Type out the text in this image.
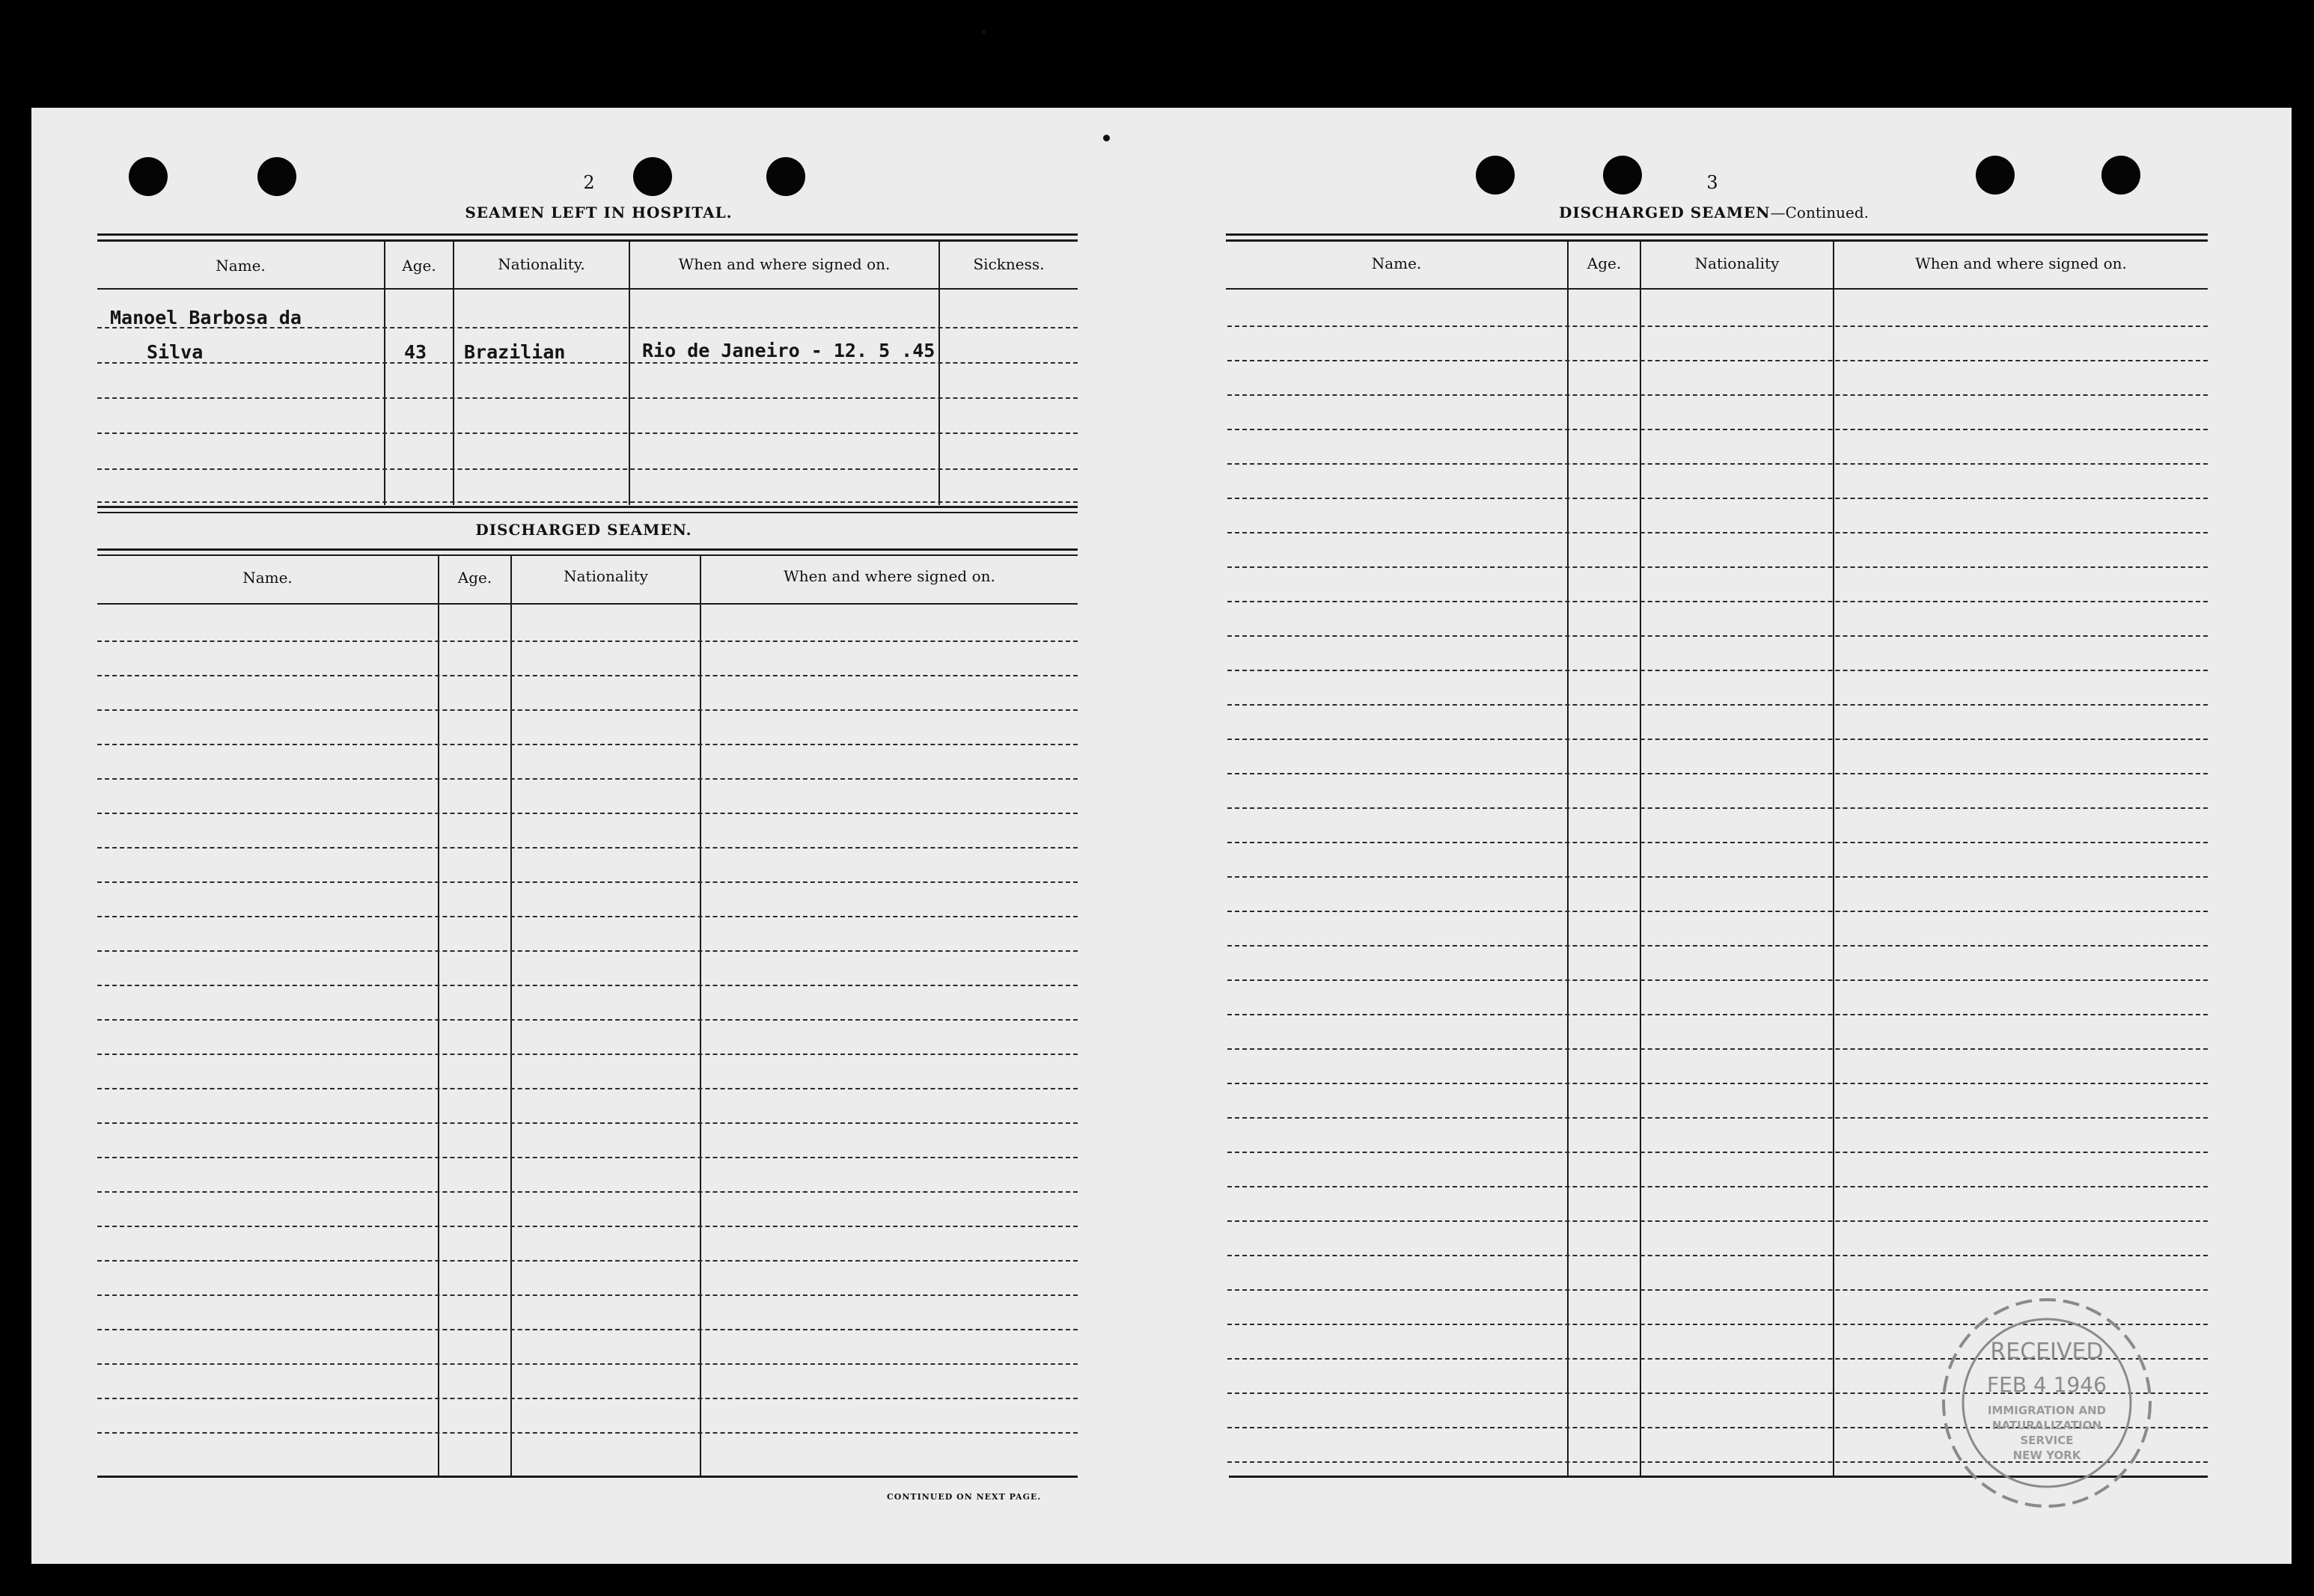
2
SEAMEN LEFT IN HOSPITAL.
Name.	Age.	Nationality.	When and where signed on.	Sickness.
Manoel Barbosa da
Silva	43 Brazilian	Rio de Janeiro - 12. 5 .45
DISCHARGED SEAMEN.
Name.	Age.	Nationality	When and where signed on.
CONTINUED ON NEXT PAGE.
3
DISCHARGED SEAMEN—Continued.
Name.	Age.	Nationality	When and where signed on.
RECEIVED
FEB 4 1946
IMMIGRATION AND
NATURALIZATION
SERVICE
NEW YORK
